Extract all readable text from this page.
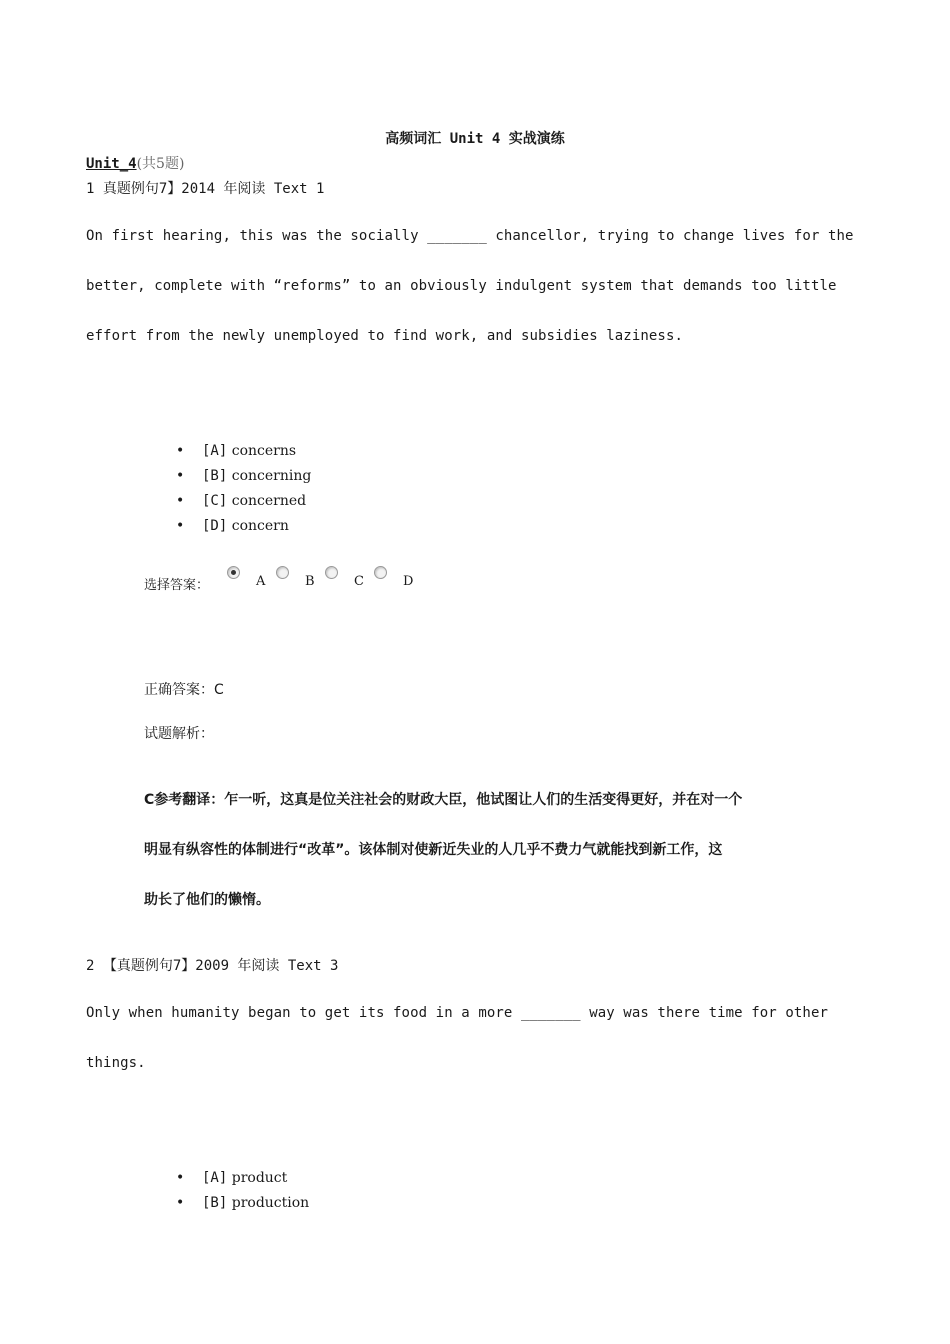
高频词汇 Unit 4 实战演练
Unit_4(共5题)
1 真题例句7】2014 年阅读 Text 1
On first hearing, this was the socially _______ chancellor, trying to change lives for the
better, complete with “reforms” to an obviously indulgent system that demands too little
effort from the newly unemployed to find work, and subsidies laziness.
• [A] concerns
• [B] concerning
• [C] concerned
• [D] concern
选择答案：	A	B	C	D
正确答案：C
试题解析：
C参考翻译：乍一听，这真是位关注社会的财政大臣，他试图让人们的生活变得更好，并在对一个
明显有纵容性的体制进行“改革”。该体制对使新近失业的人几乎不费力气就能找到新工作，这
助长了他们的懒惰。
2 【真题例句7】2009 年阅读 Text 3
Only when humanity began to get its food in a more _______ way was there time for other
things.
• [A] product
• [B] production
